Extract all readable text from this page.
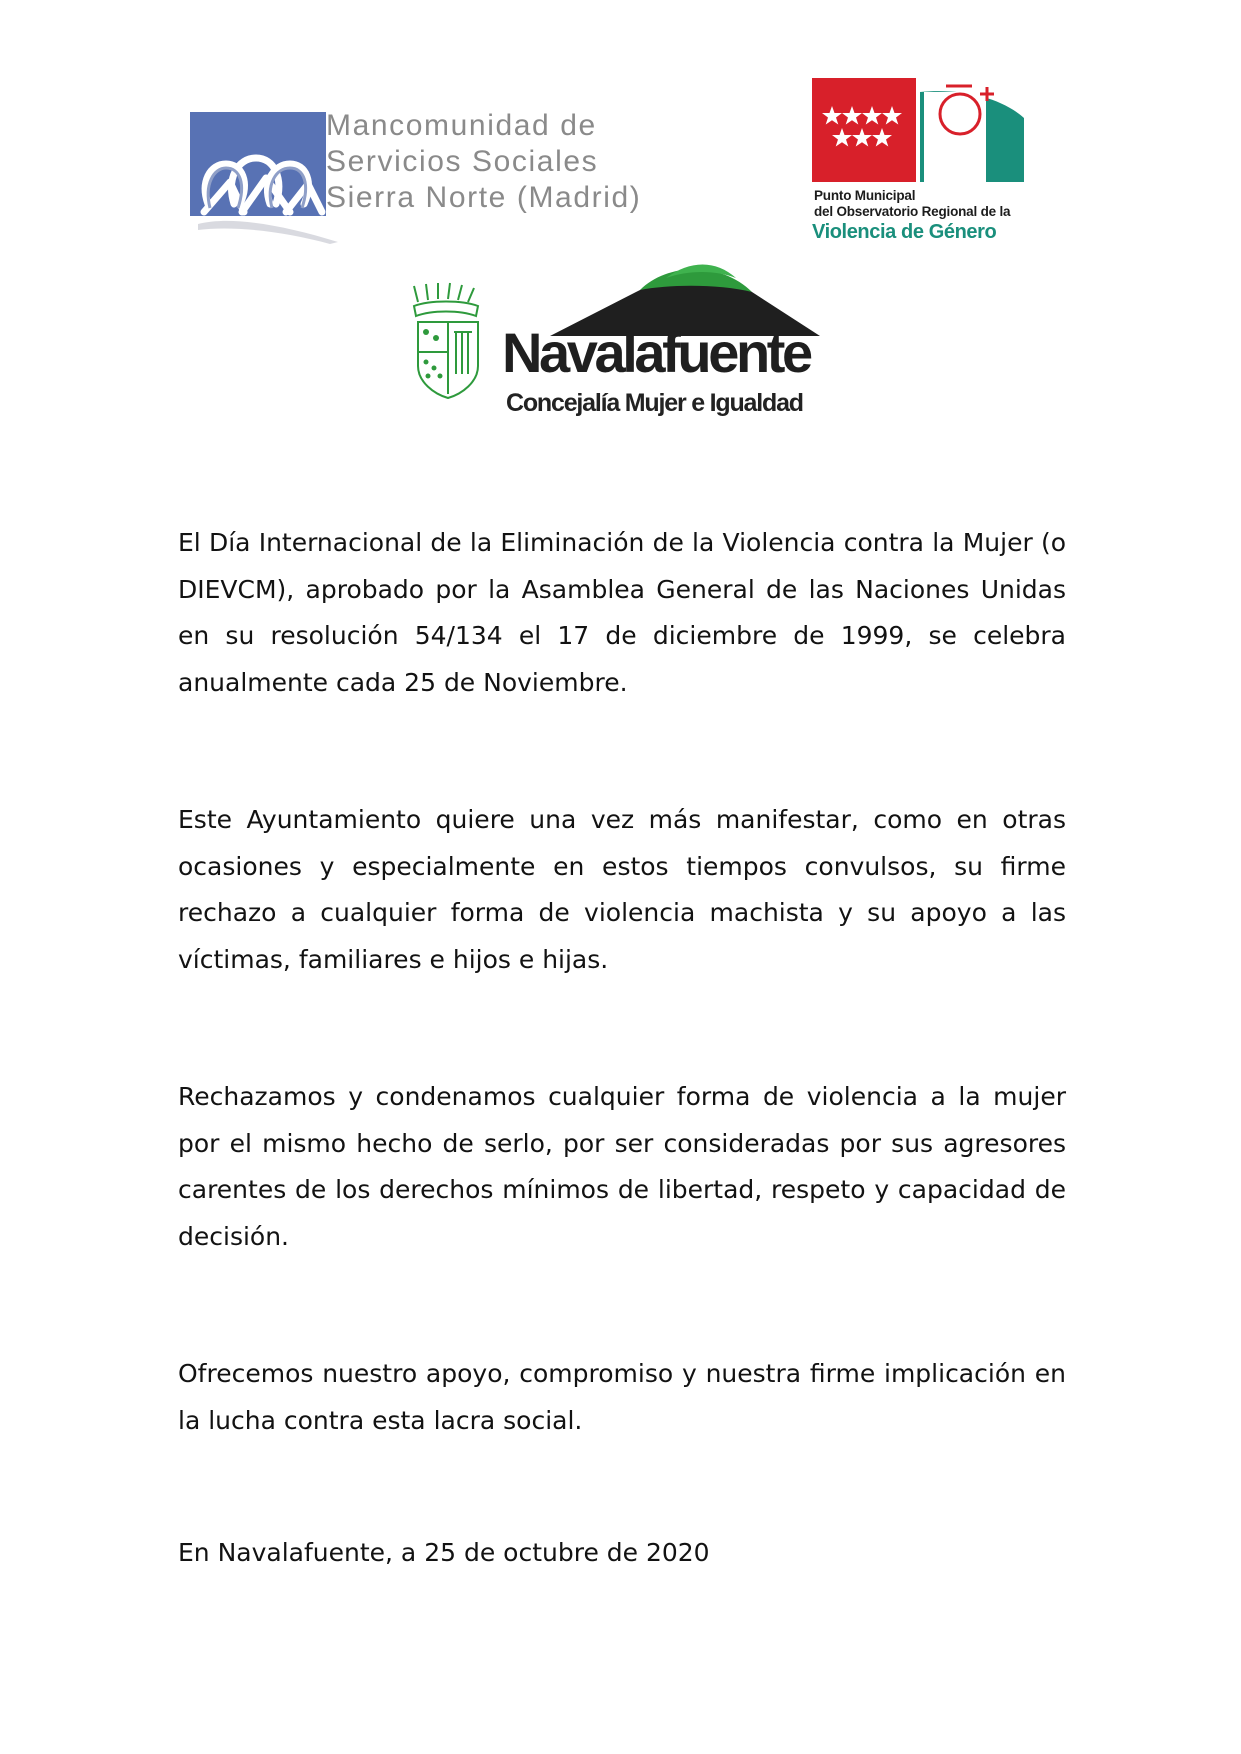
Mancomunidad de
Servicios Sociales
Sierra Norte (Madrid)	Punto Municipal
del Observatorio Regional de la
Violencia de Género
Navalafuente
Concejalía Mujer e Igualdad

El Día Internacional de la Eliminación de la Violencia contra la Mujer (o DIEVCM), aprobado por la Asamblea General de las Naciones Unidas en su resolución 54/134 el 17 de diciembre de 1999, se celebra anualmente cada 25 de Noviembre.

Este Ayuntamiento quiere una vez más manifestar, como en otras ocasiones y especialmente en estos tiempos convulsos, su firme rechazo a cualquier forma de violencia machista y su apoyo a las víctimas, familiares e hijos e hijas.

Rechazamos y condenamos cualquier forma de violencia a la mujer por el mismo hecho de serlo, por ser consideradas por sus agresores carentes de los derechos mínimos de libertad, respeto y capacidad de decisión.

Ofrecemos nuestro apoyo, compromiso y nuestra firme implicación en la lucha contra esta lacra social.

En Navalafuente, a 25 de octubre de 2020
